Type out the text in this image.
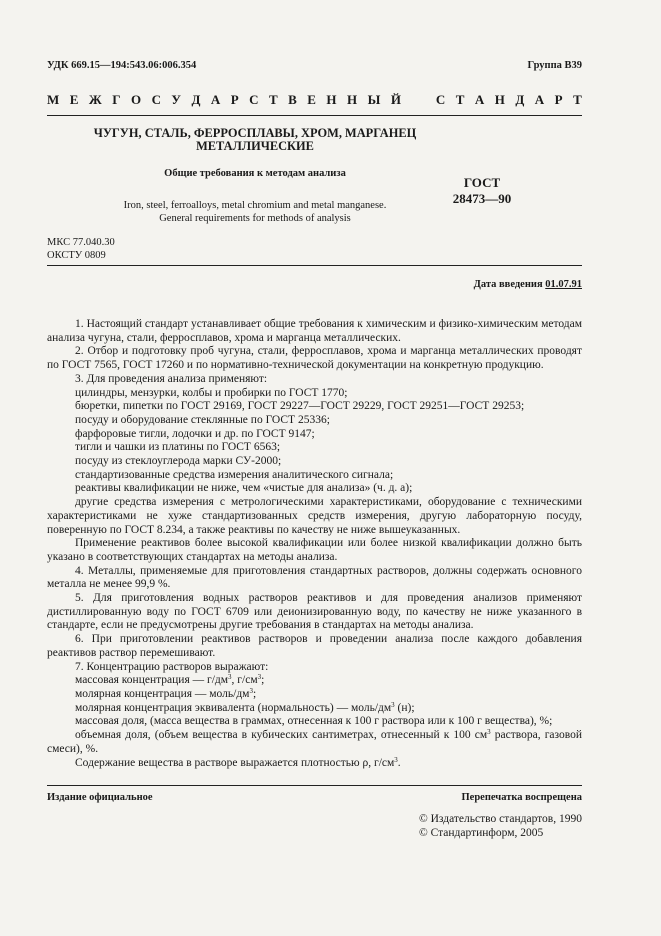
УДК 669.15—194:543.06:006.354	Группа В39
М Е Ж Г О С У Д А Р С Т В Е Н Н Ы Й	С Т А Н Д А Р Т
ЧУГУН, СТАЛЬ, ФЕРРОСПЛАВЫ, ХРОМ, МАРГАНЕЦ
МЕТАЛЛИЧЕСКИЕ
Общие требования к методам анализа
ГОСТ
28473—90
Iron, steel, ferroalloys, metal chromium and metal manganese.
General requirements for methods of analysis
МКС 77.040.30
ОКСТУ 0809
Дата введения 01.07.91

1. Настоящий стандарт устанавливает общие требования к химическим и физико-химическим методам анализа чугуна, стали, ферросплавов, хрома и марганца металлических.

2. Отбор и подготовку проб чугуна, стали, ферросплавов, хрома и марганца металлических проводят по ГОСТ 7565, ГОСТ 17260 и по нормативно-технической документации на конкретную продукцию.

3. Для проведения анализа применяют:

цилиндры, мензурки, колбы и пробирки по ГОСТ 1770;

бюретки, пипетки по ГОСТ 29169, ГОСТ 29227—ГОСТ 29229, ГОСТ 29251—ГОСТ 29253;

посуду и оборудование стеклянные по ГОСТ 25336;

фарфоровые тигли, лодочки и др. по ГОСТ 9147;

тигли и чашки из платины по ГОСТ 6563;

посуду из стеклоуглерода марки СУ-2000;

стандартизованные средства измерения аналитического сигнала;

реактивы квалификации не ниже, чем «чистые для анализа» (ч. д. а);

другие средства измерения с метрологическими характеристиками, оборудование с техническими характеристиками не хуже стандартизованных средств измерения, другую лабораторную посуду, поверенную по ГОСТ 8.234, а также реактивы по качеству не ниже вышеуказанных.

Применение реактивов более высокой квалификации или более низкой квалификации должно быть указано в соответствующих стандартах на методы анализа.

4. Металлы, применяемые для приготовления стандартных растворов, должны содержать основного металла не менее 99,9 %.

5. Для приготовления водных растворов реактивов и для проведения анализов применяют дистиллированную воду по ГОСТ 6709 или деионизированную воду, по качеству не ниже указанного в стандарте, если не предусмотрены другие требования в стандартах на методы анализа.

6. При приготовлении реактивов растворов и проведении анализа после каждого добавления реактивов раствор перемешивают.

7. Концентрацию растворов выражают:

массовая концентрация — $г/дм^3$, $г/см^3$;

молярная концентрация — моль/$дм^3$;

молярная концентрация эквивалента (нормальность) — моль/$дм^3$ (н);

массовая доля, (масса вещества в граммах, отнесенная к 100 г раствора или к 100 г вещества), %;

объемная доля, (объем вещества в кубических сантиметрах, отнесенный к 100 $см^3$ раствора, газовой смеси), %.

Содержание вещества в растворе выражается плотностью ρ, $г/см^3$.

Издание официальное	Перепечатка воспрещена
© Издательство стандартов, 1990
© Стандартинформ, 2005
